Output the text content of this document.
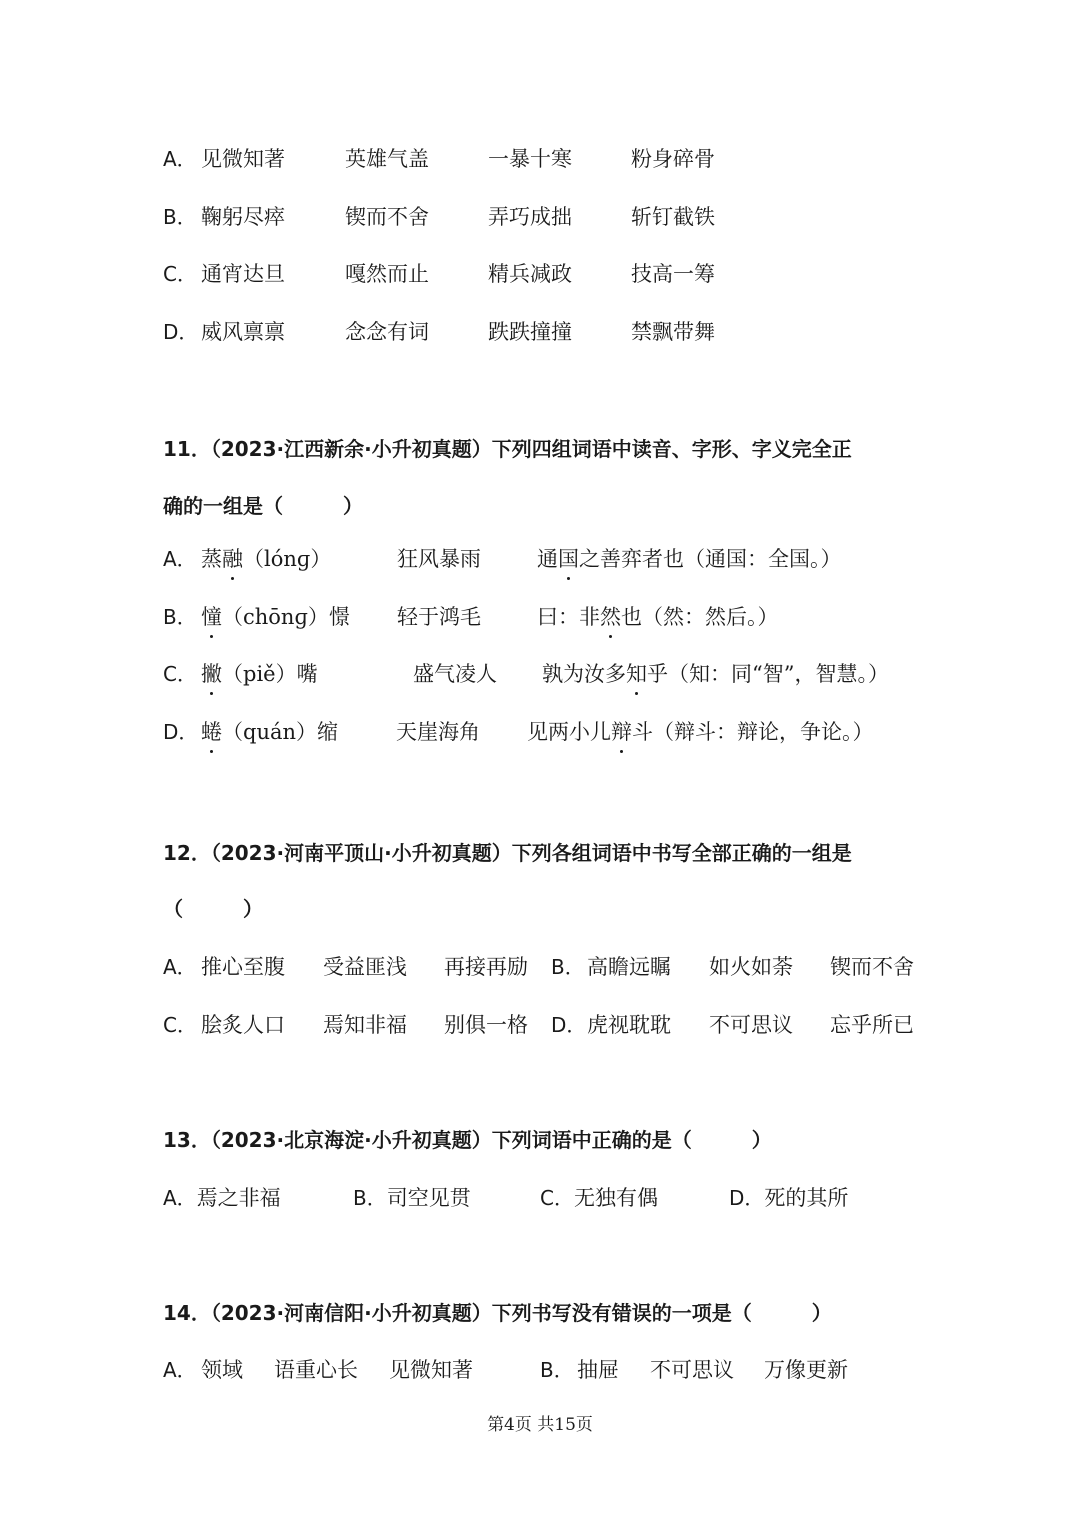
A． 见微知著	英雄气盖	一暴十寒	粉身碎骨
B． 鞠躬尽瘁	锲而不舍	弄巧成拙	斩钉截铁
C． 通宵达旦	嘎然而止	精兵减政	技高一筹
D． 威风禀禀	念念有词	跌跌撞撞	禁飘带舞
11．（2023·江西新余·小升初真题）下列四组词语中读音、字形、字义完全正
确的一组是（　　　）
A． 蒸融（lónɡ）	狂风暴雨	通国之善弈者也（通国：全国。）
B． 憧（chōnɡ）憬 轻于鸿毛	曰：非然也（然：然后。）
C． 撇（piě）嘴	盛气凌人 孰为汝多知乎（知：同“智”，智慧。）
D． 蜷（quán）缩	天崖海角 见两小儿辩斗（辩斗：辩论，争论。）
12．（2023·河南平顶山·小升初真题）下列各组词语中书写全部正确的一组是
（　　　）
A． 推心至腹 受益匪浅 再接再励 B． 高瞻远瞩 如火如荼 锲而不舍
C． 脍炙人口 焉知非福 别俱一格 D． 虎视耽耽 不可思议 忘乎所已
13．（2023·北京海淀·小升初真题）下列词语中正确的是（　　　）
A．焉之非福	B．司空见贯	C．无独有偶	D．死的其所
14．（2023·河南信阳·小升初真题）下列书写没有错误的一项是（　　　）
A． 领域 语重心长 见微知著	B． 抽屉 不可思议 万像更新
第4页 共15页
